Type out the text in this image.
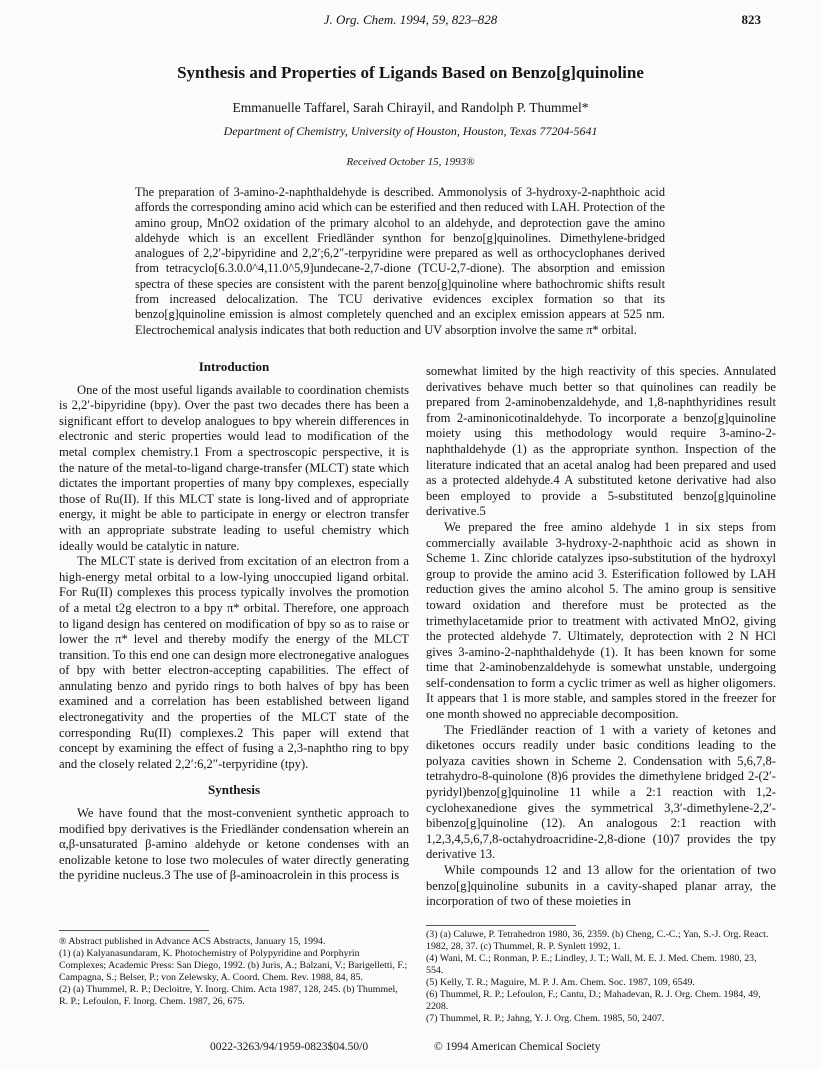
J. Org. Chem. 1994, 59, 823–828	823
Synthesis and Properties of Ligands Based on Benzo[g]quinoline
Emmanuelle Taffarel, Sarah Chirayil, and Randolph P. Thummel*
Department of Chemistry, University of Houston, Houston, Texas 77204-5641
Received October 15, 1993®
The preparation of 3-amino-2-naphthaldehyde is described. Ammonolysis of 3-hydroxy-2-naphthoic acid affords the corresponding amino acid which can be esterified and then reduced with LAH. Protection of the amino group, MnO2 oxidation of the primary alcohol to an aldehyde, and deprotection gave the amino aldehyde which is an excellent Friedländer synthon for benzo[g]quinolines. Dimethylene-bridged analogues of 2,2′-bipyridine and 2,2′;6,2″-terpyridine were prepared as well as orthocyclophanes derived from tetracyclo[6.3.0.0^4,11.0^5,9]undecane-2,7-dione (TCU-2,7-dione). The absorption and emission spectra of these species are consistent with the parent benzo[g]quinoline where bathochromic shifts result from increased delocalization. The TCU derivative evidences exciplex formation so that its benzo[g]quinoline emission is almost completely quenched and an exciplex emission appears at 525 nm. Electrochemical analysis indicates that both reduction and UV absorption involve the same π* orbital.
Introduction

One of the most useful ligands available to coordination chemists is 2,2′-bipyridine (bpy). Over the past two decades there has been a significant effort to develop analogues to bpy wherein differences in electronic and steric properties would lead to modification of the metal complex chemistry.1 From a spectroscopic perspective, it is the nature of the metal-to-ligand charge-transfer (MLCT) state which dictates the important properties of many bpy complexes, especially those of Ru(II). If this MLCT state is long-lived and of appropriate energy, it might be able to participate in energy or electron transfer with an appropriate substrate leading to useful chemistry which ideally would be catalytic in nature.

The MLCT state is derived from excitation of an electron from a high-energy metal orbital to a low-lying unoccupied ligand orbital. For Ru(II) complexes this process typically involves the promotion of a metal t2g electron to a bpy π* orbital. Therefore, one approach to ligand design has centered on modification of bpy so as to raise or lower the π* level and thereby modify the energy of the MLCT transition. To this end one can design more electronegative analogues of bpy with better electron-accepting capabilities. The effect of annulating benzo and pyrido rings to both halves of bpy has been examined and a correlation has been established between ligand electronegativity and the properties of the MLCT state of the corresponding Ru(II) complexes.2 This paper will extend that concept by examining the effect of fusing a 2,3-naphtho ring to bpy and the closely related 2,2′:6,2″-terpyridine (tpy).

Synthesis

We have found that the most-convenient synthetic approach to modified bpy derivatives is the Friedländer condensation wherein an α,β-unsaturated β-amino aldehyde or ketone condenses with an enolizable ketone to lose two molecules of water directly generating the pyridine nucleus.3 The use of β-aminoacrolein in this process is

somewhat limited by the high reactivity of this species. Annulated derivatives behave much better so that quinolines can readily be prepared from 2-aminobenzaldehyde, and 1,8-naphthyridines result from 2-aminonicotinaldehyde. To incorporate a benzo[g]quinoline moiety using this methodology would require 3-amino-2-naphthaldehyde (1) as the appropriate synthon. Inspection of the literature indicated that an acetal analog had been prepared and used as a protected aldehyde.4 A substituted ketone derivative had also been employed to provide a 5-substituted benzo[g]quinoline derivative.5

We prepared the free amino aldehyde 1 in six steps from commercially available 3-hydroxy-2-naphthoic acid as shown in Scheme 1. Zinc chloride catalyzes ipso-substitution of the hydroxyl group to provide the amino acid 3. Esterification followed by LAH reduction gives the amino alcohol 5. The amino group is sensitive toward oxidation and therefore must be protected as the trimethylacetamide prior to treatment with activated MnO2, giving the protected aldehyde 7. Ultimately, deprotection with 2 N HCl gives 3-amino-2-naphthaldehyde (1). It has been known for some time that 2-aminobenzaldehyde is somewhat unstable, undergoing self-condensation to form a cyclic trimer as well as higher oligomers. It appears that 1 is more stable, and samples stored in the freezer for one month showed no appreciable decomposition.

The Friedländer reaction of 1 with a variety of ketones and diketones occurs readily under basic conditions leading to the polyaza cavities shown in Scheme 2. Condensation with 5,6,7,8-tetrahydro-8-quinolone (8)6 provides the dimethylene bridged 2-(2′-pyridyl)benzo[g]quinoline 11 while a 2:1 reaction with 1,2-cyclohexanedione gives the symmetrical 3,3′-dimethylene-2,2′-bibenzo[g]quinoline (12). An analogous 2:1 reaction with 1,2,3,4,5,6,7,8-octahydroacridine-2,8-dione (10)7 provides the tpy derivative 13.

While compounds 12 and 13 allow for the orientation of two benzo[g]quinoline subunits in a cavity-shaped planar array, the incorporation of two of these moieties in

® Abstract published in Advance ACS Abstracts, January 15, 1994.
(1) (a) Kalyanasundaram, K. Photochemistry of Polypyridine and Porphyrin Complexes; Academic Press: San Diego, 1992. (b) Juris, A.; Balzani, V.; Barigelletti, F.; Campagna, S.; Belser, P.; von Zelewsky, A. Coord. Chem. Rev. 1988, 84, 85.
(2) (a) Thummel, R. P.; Decloitre, Y. Inorg. Chim. Acta 1987, 128, 245. (b) Thummel, R. P.; Lefoulon, F. Inorg. Chem. 1987, 26, 675.
(3) (a) Caluwe, P. Tetrahedron 1980, 36, 2359. (b) Cheng, C.-C.; Yan, S.-J. Org. React. 1982, 28, 37. (c) Thummel, R. P. Synlett 1992, 1.
(4) Wani, M. C.; Ronman, P. E.; Lindley, J. T.; Wall, M. E. J. Med. Chem. 1980, 23, 554.
(5) Kelly, T. R.; Maguire, M. P. J. Am. Chem. Soc. 1987, 109, 6549.
(6) Thummel, R. P.; Lefoulon, F.; Cantu, D.; Mahadevan, R. J. Org. Chem. 1984, 49, 2208.
(7) Thummel, R. P.; Jahng, Y. J. Org. Chem. 1985, 50, 2407.
0022-3263/94/1959-0823$04.50/0	© 1994 American Chemical Society
